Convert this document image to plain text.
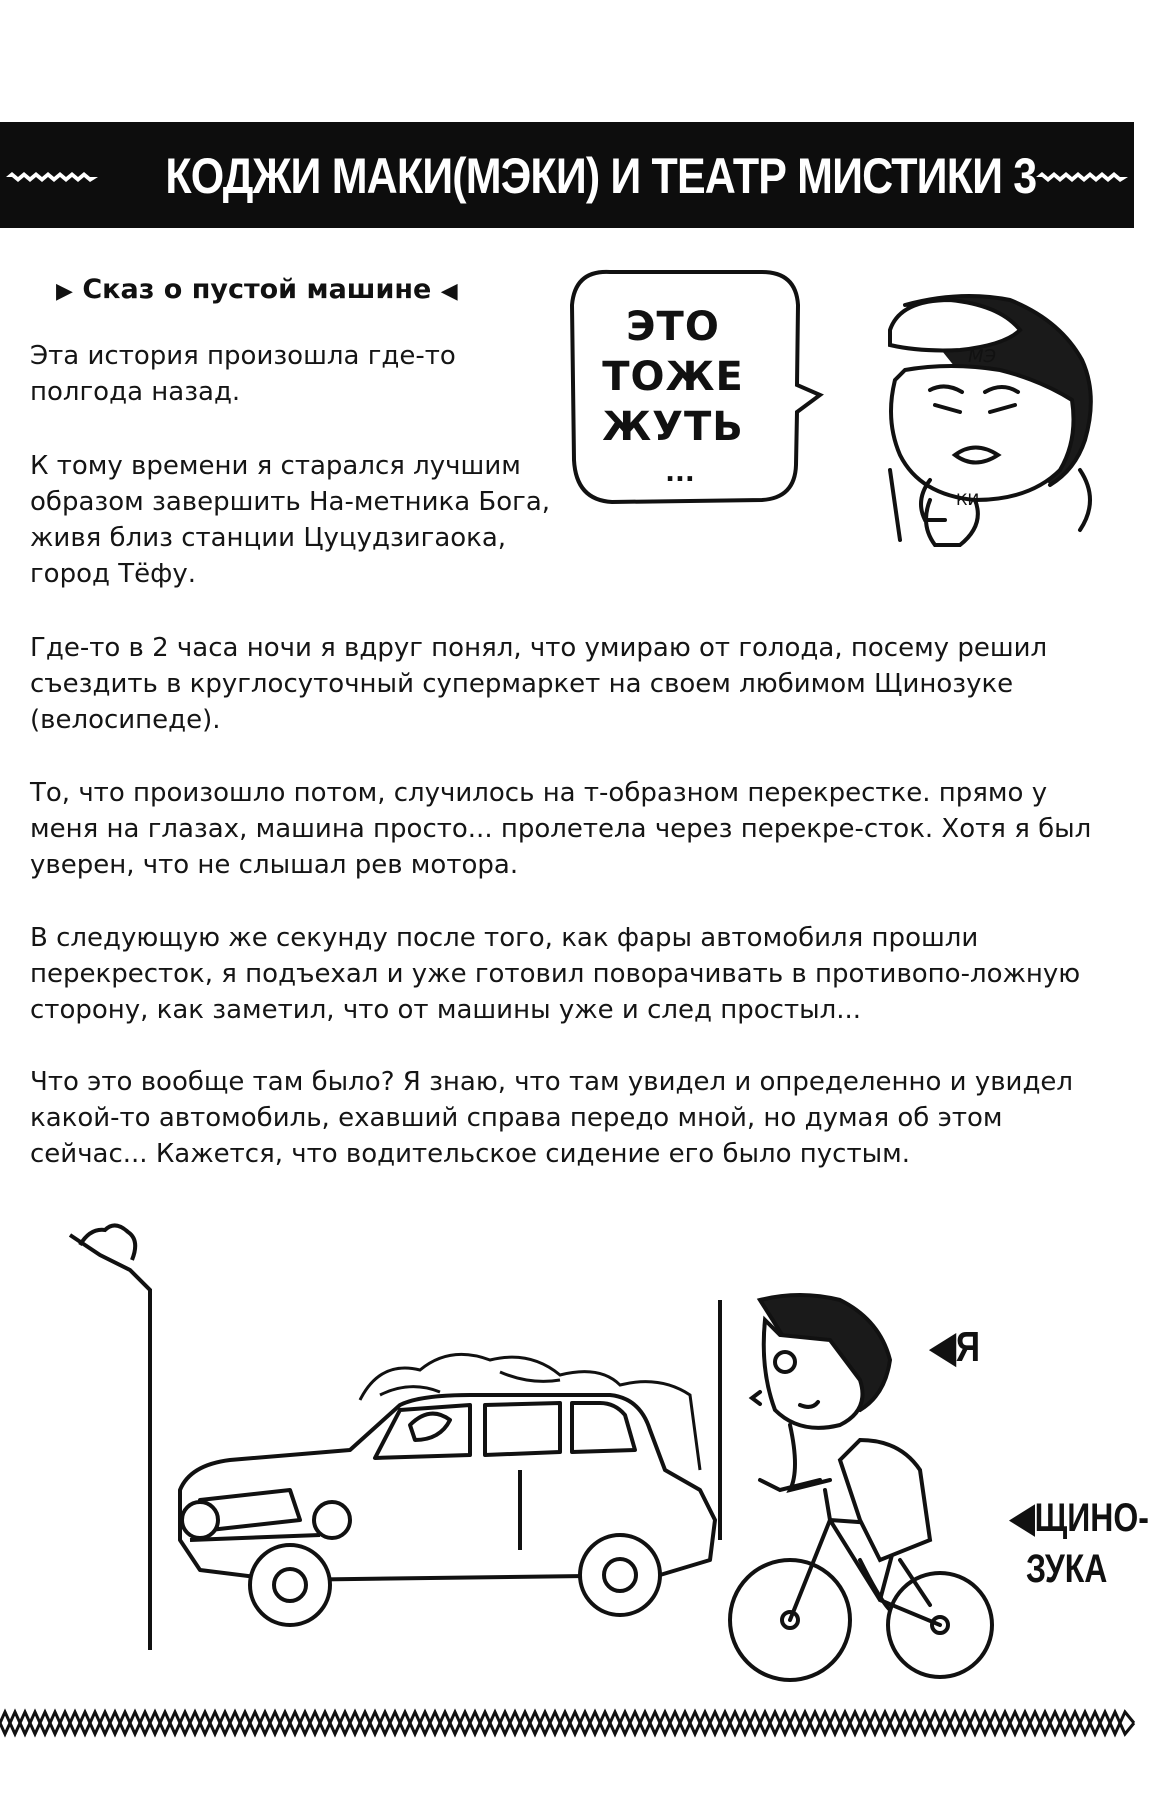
КОДЖИ МАКИ(МЭКИ) И ТЕАТР МИСТИКИ 3
▶ Сказ о пустой машине ◀

Эта история произошла где-то полгода назад.

К тому времени я старался лучшим образом завершить На-метника Бога, живя близ станции Цуцудзигаока, город Тёфу.

Где-то в 2 часа ночи я вдруг понял, что умираю от голода, посему решил съездить в круглосуточный супермаркет на своем любимом Щинозуке (велосипеде).

То, что произошло потом, случилось на т-образном перекрестке. прямо у меня на глазах, машина просто... пролетела через перекре-сток. Хотя я был уверен, что не слышал рев мотора.

В следующую же секунду после того, как фары автомобиля прошли перекресток, я подъехал и уже готовил поворачивать в противопо-ложную сторону, как заметил, что от машины уже и след простыл...

Что это вообще там было? Я знаю, что там увидел и определенно и увидел какой-то автомобиль, ехавший справа передо мной, но думая об этом сейчас... Кажется, что водительское сидение его было пустым.

МЭ
КИ
ЭТО
ТОЖЕ
ЖУТЬ
...
◀Я
◀ЩИНО-
ЗУКА
